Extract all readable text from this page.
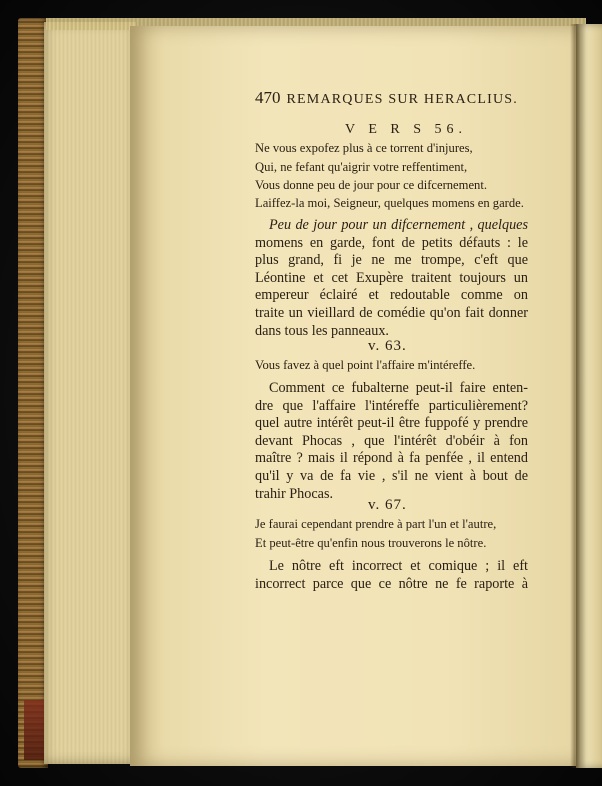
470 REMARQUES SUR HERACLIUS.
V E R S 56.
Ne vous expofez plus à ce torrent d'injures,
Qui, ne fefant qu'aigrir votre reffentiment,
Vous donne peu de jour pour ce difcernement.
Laiffez-la moi, Seigneur, quelques momens en garde.
Peu de jour pour un difcernement , quelques
momens en garde, font de petits défauts : le
plus grand, fi je ne me trompe, c'eft que
Léontine et cet Exupère traitent toujours un
empereur éclairé et redoutable comme on
traite un vieillard de comédie qu'on fait donner
dans tous les panneaux.
v. 63.
Vous favez à quel point l'affaire m'intéreffe.
Comment ce fubalterne peut-il faire enten-
dre que l'affaire l'intéreffe particulièrement?
quel autre intérêt peut-il être fuppofé y prendre
devant Phocas , que l'intérêt d'obéir à fon
maître ? mais il répond à fa penfée , il entend
qu'il y va de fa vie , s'il ne vient à bout de
trahir Phocas.
v. 67.
Je faurai cependant prendre à part l'un et l'autre,
Et peut-être qu'enfin nous trouverons le nôtre.
Le nôtre eft incorrect et comique ; il eft
incorrect parce que ce nôtre ne fe raporte à
